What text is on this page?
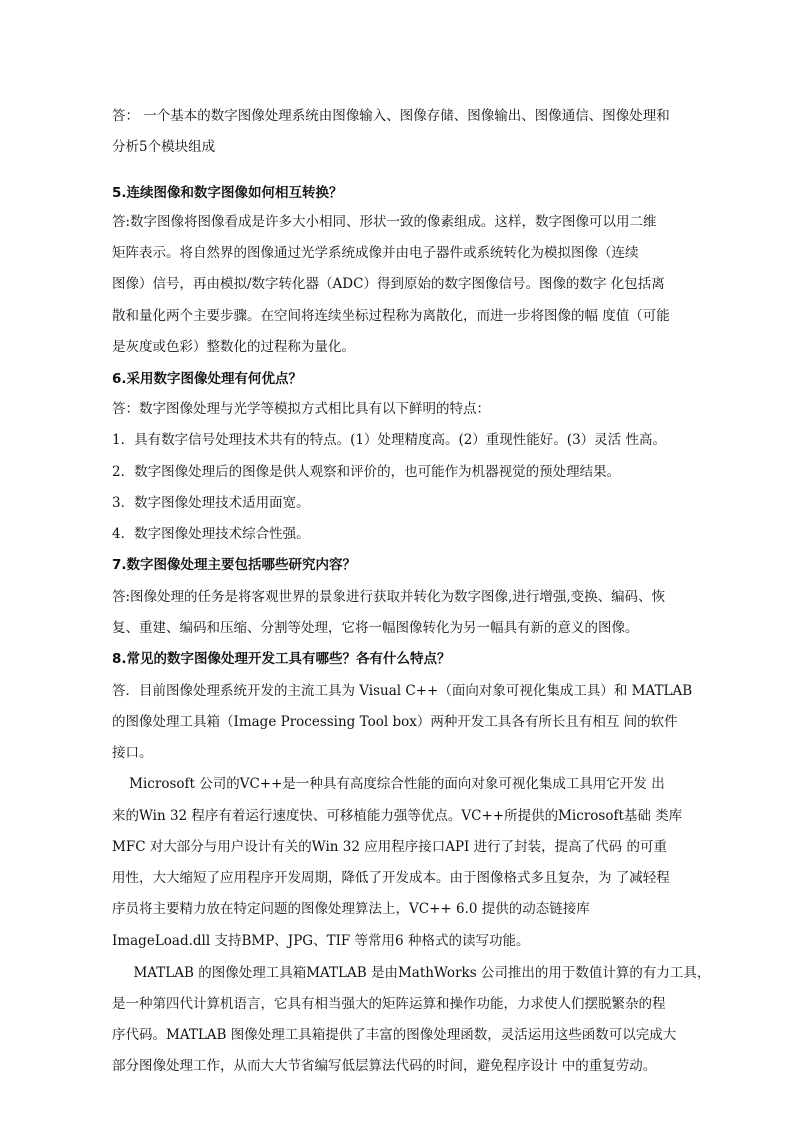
答： 一个基本的数字图像处理系统由图像输入、图像存储、图像输出、图像通信、图像处理和
分析5个模块组成
5.连续图像和数字图像如何相互转换？
答:数字图像将图像看成是许多大小相同、形状一致的像素组成。这样，数字图像可以用二维
矩阵表示。将自然界的图像通过光学系统成像并由电子器件或系统转化为模拟图像（连续
图像）信号，再由模拟/数字转化器（ADC）得到原始的数字图像信号。图像的数字 化包括离
散和量化两个主要步骤。在空间将连续坐标过程称为离散化，而进一步将图像的幅 度值（可能
是灰度或色彩）整数化的过程称为量化。
6.采用数字图像处理有何优点？
答：数字图像处理与光学等模拟方式相比具有以下鲜明的特点：
1．具有数字信号处理技术共有的特点。(1）处理精度高。(2）重现性能好。(3）灵活 性高。
2．数字图像处理后的图像是供人观察和评价的，也可能作为机器视觉的预处理结果。
3．数字图像处理技术适用面宽。
4．数字图像处理技术综合性强。
7.数字图像处理主要包括哪些研究内容？
答:图像处理的任务是将客观世界的景象进行获取并转化为数字图像,进行增强,变换、编码、恢
复、重建、编码和压缩、分割等处理，它将一幅图像转化为另一幅具有新的意义的图像。
8.常见的数字图像处理开发工具有哪些？各有什么特点？
答．目前图像处理系统开发的主流工具为 Visual C++（面向对象可视化集成工具）和 MATLAB
的图像处理工具箱（Image Processing Tool box）两种开发工具各有所长且有相互 间的软件
接口。
Microsoft 公司的VC++是一种具有高度综合性能的面向对象可视化集成工具用它开发 出
来的Win 32 程序有着运行速度快、可移植能力强等优点。VC++所提供的Microsoft基础 类库
MFC 对大部分与用户设计有关的Win 32 应用程序接口API 进行了封装，提高了代码 的可重
用性，大大缩短了应用程序开发周期，降低了开发成本。由于图像格式多且复杂，为 了减轻程
序员将主要精力放在特定问题的图像处理算法上，VC++ 6.0 提供的动态链接库
ImageLoad.dll 支持BMP、JPG、TIF 等常用6 种格式的读写功能。
MATLAB 的图像处理工具箱MATLAB 是由MathWorks 公司推出的用于数值计算的有力工具，
是一种第四代计算机语言，它具有相当强大的矩阵运算和操作功能，力求使人们摆脱繁杂的程
序代码。MATLAB 图像处理工具箱提供了丰富的图像处理函数，灵活运用这些函数可以完成大
部分图像处理工作，从而大大节省编写低层算法代码的时间，避免程序设计 中的重复劳动。
